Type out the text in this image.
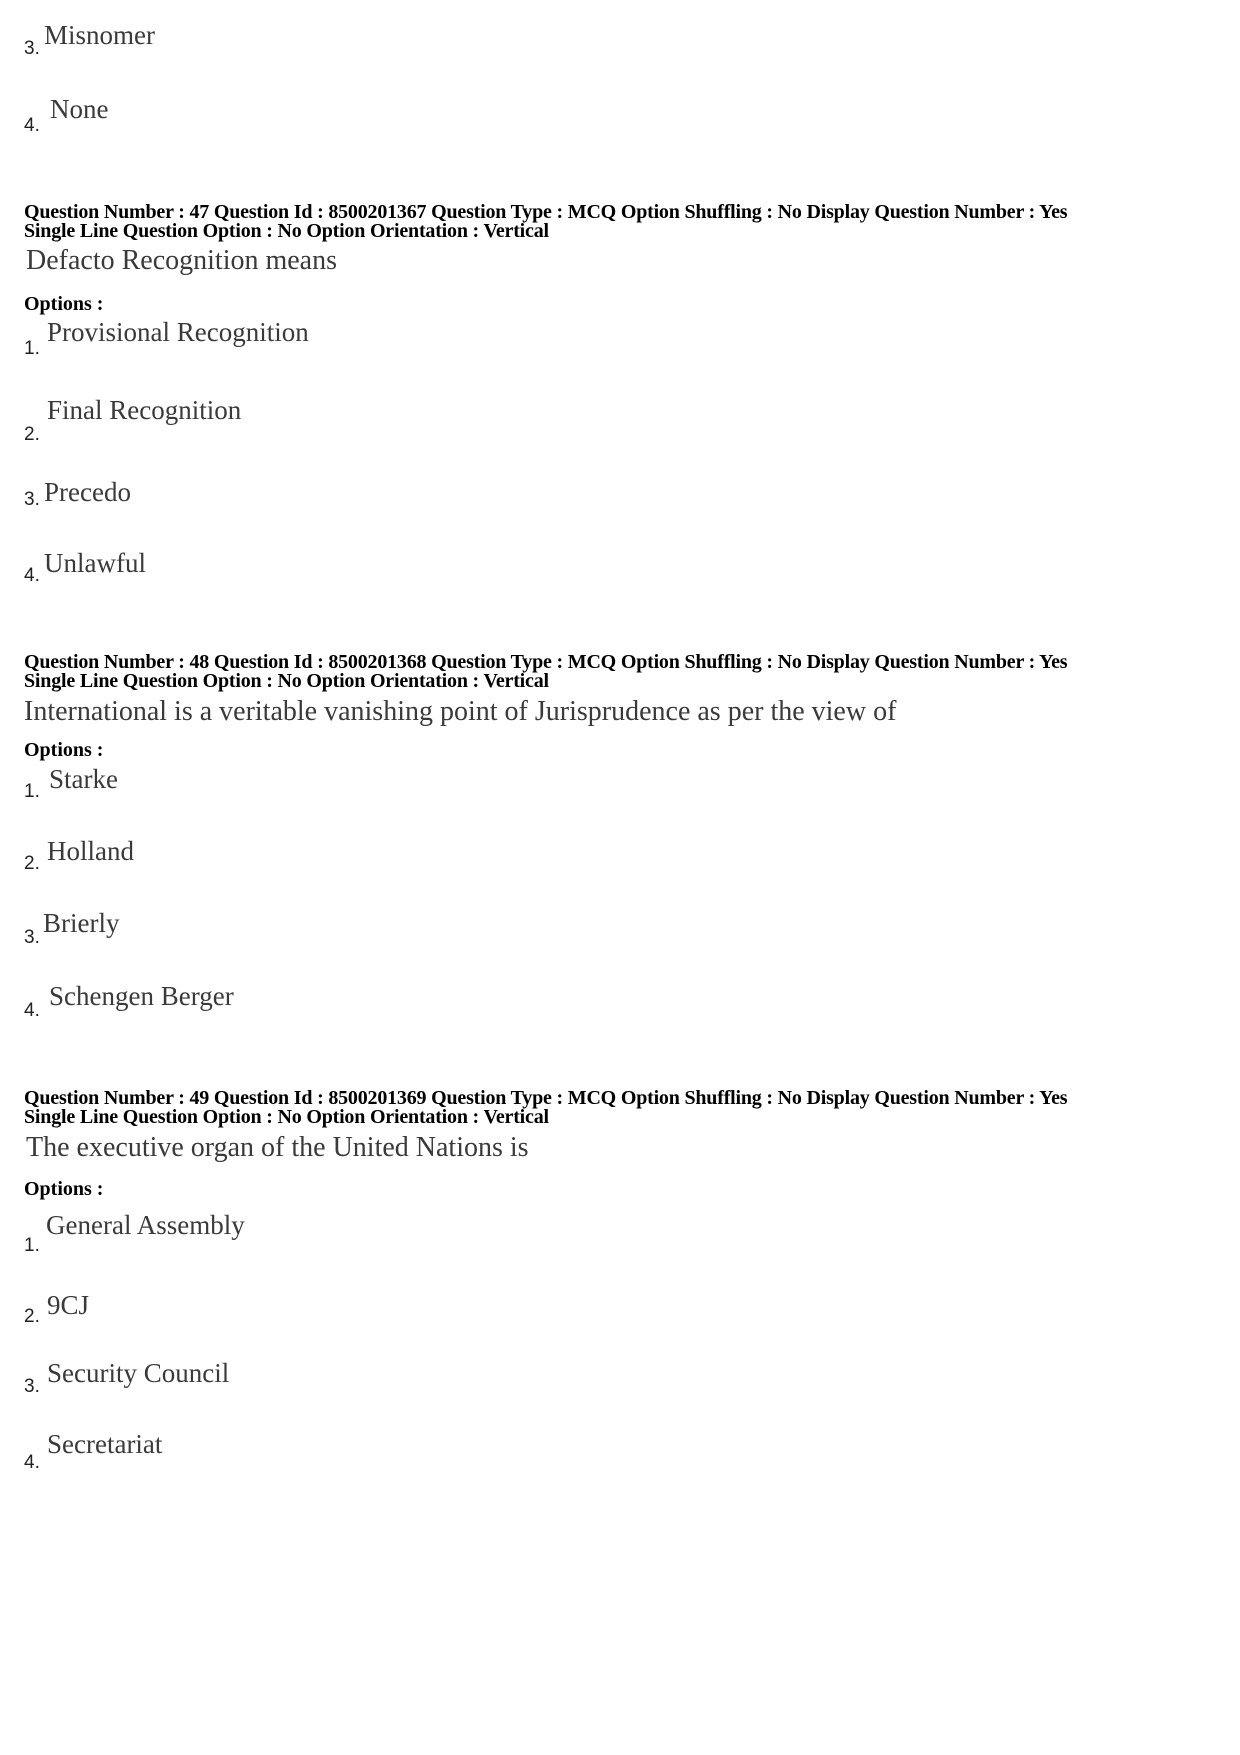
3. Misnomer
4.
None
Question Number : 47 Question Id : 8500201367 Question Type : MCQ Option Shuffling : No Display Question Number : Yes
Single Line Question Option : No Option Orientation : Vertical
Defacto Recognition means
Options :
1.
Provisional Recognition
2.
Final Recognition
3. Precedo
4. Unlawful
Question Number : 48 Question Id : 8500201368 Question Type : MCQ Option Shuffling : No Display Question Number : Yes
Single Line Question Option : No Option Orientation : Vertical
International is a veritable vanishing point of Jurisprudence as per the view of
Options :
1. Starke
2. Holland
3. Brierly
4. Schengen Berger
Question Number : 49 Question Id : 8500201369 Question Type : MCQ Option Shuffling : No Display Question Number : Yes
Single Line Question Option : No Option Orientation : Vertical
The executive organ of the United Nations is
Options :
1.
General Assembly
2. 9CJ
3. Security Council
4.
Secretariat
